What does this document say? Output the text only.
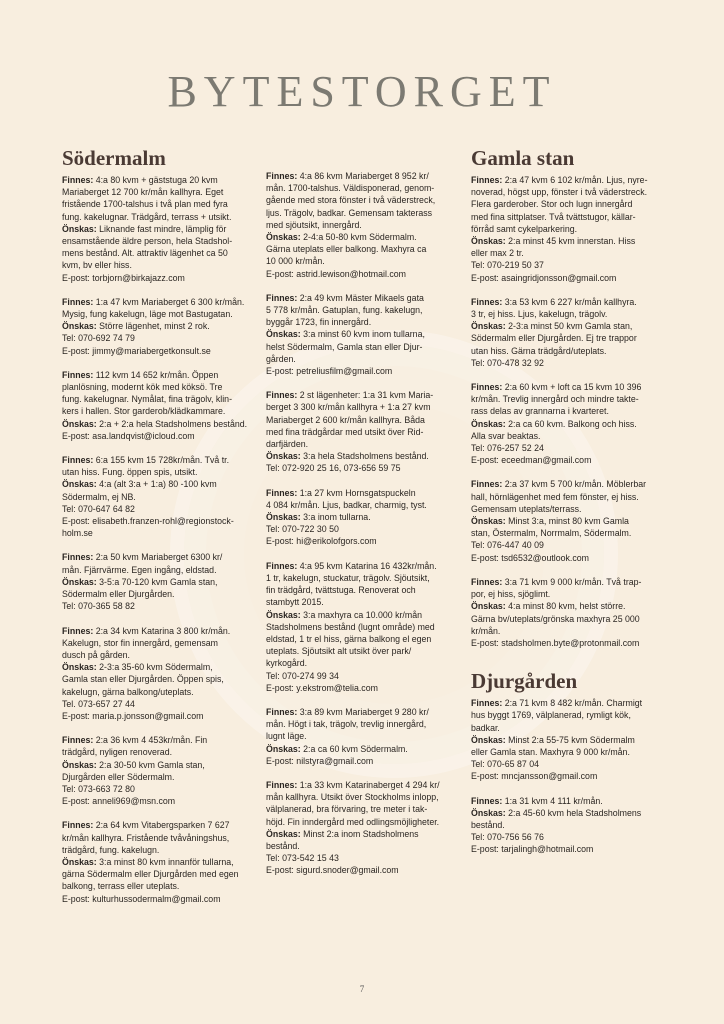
BYTESTORGET
Södermalm
Finnes: 4:a 80 kvm + gäststuga 20 kvm
Mariaberget 12 700 kr/mån kallhyra. Eget
fristående 1700-talshus i två plan med fyra
fung. kakelugnar. Trädgård, terrass + utsikt.
Önskas: Liknande fast mindre, lämplig för
ensamstående äldre person, hela Stadshol-
mens bestånd. Alt. attraktiv lägenhet ca 50
kvm, bv eller hiss.
E-post: torbjorn@birkajazz.com
Finnes: 1:a 47 kvm Mariaberget 6 300 kr/mån.
Mysig, fung kakelugn, läge mot Bastugatan.
Önskas: Större lägenhet, minst 2 rok.
Tel: 070-692 74 79
E-post: jimmy@mariabergetkonsult.se
Finnes: 112 kvm 14 652 kr/mån. Öppen
planlösning, modernt kök med köksö. Tre
fung. kakelugnar. Nymålat, fina trägolv, klin-
kers i hallen. Stor garderob/klädkammare.
Önskas: 2:a + 2:a hela Stadsholmens bestånd.
E-post: asa.landqvist@icloud.com
Finnes: 6:a 155 kvm 15 728kr/mån. Två tr.
utan hiss. Fung. öppen spis, utsikt.
Önskas: 4:a (alt 3:a + 1:a) 80 -100 kvm
Södermalm, ej NB.
Tel: 070-647 64 82
E-post: elisabeth.franzen-rohl@regionstock-
holm.se
Finnes: 2:a 50 kvm Mariaberget 6300 kr/
mån. Fjärrvärme. Egen ingång, eldstad.
Önskas: 3-5:a 70-120 kvm Gamla stan,
Södermalm eller Djurgården.
Tel: 070-365 58 82
Finnes: 2:a 34 kvm Katarina 3 800 kr/mån.
Kakelugn, stor fin innergård, gemensam
dusch på gården.
Önskas: 2-3:a 35-60 kvm Södermalm,
Gamla stan eller Djurgården. Öppen spis,
kakelugn, gärna balkong/uteplats.
Tel. 073-657 27 44
E-post: maria.p.jonsson@gmail.com
Finnes: 2:a 36 kvm 4 453kr/mån. Fin
trädgård, nyligen renoverad.
Önskas: 2:a 30-50 kvm Gamla stan,
Djurgården eller Södermalm.
Tel: 073-663 72 80
E-post: anneli969@msn.com
Finnes: 2:a 64 kvm Vitabergsparken 7 627
kr/mån kallhyra. Fristående tvåvåningshus,
trädgård, fung. kakelugn.
Önskas: 3:a minst 80 kvm innanför tullarna,
gärna Södermalm eller Djurgården med egen
balkong, terrass eller uteplats.
E-post: kulturhussodermalm@gmail.com
Finnes: 4:a 86 kvm Mariaberget 8 952 kr/
mån. 1700-talshus. Väldisponerad, genom-
gående med stora fönster i två väderstreck,
ljus. Trägolv, badkar. Gemensam takterass
med sjöutsikt, innergård.
Önskas: 2-4:a 50-80 kvm Södermalm.
Gärna uteplats eller balkong. Maxhyra ca
10 000 kr/mån.
E-post: astrid.lewison@hotmail.com
Finnes: 2:a 49 kvm Mäster Mikaels gata
5 778 kr/mån. Gatuplan, fung. kakelugn,
byggår 1723, fin innergård.
Önskas: 3:a minst 60 kvm inom tullarna,
helst Södermalm, Gamla stan eller Djur-
gården.
E-post: petreliusfilm@gmail.com
Finnes: 2 st lägenheter: 1:a 31 kvm Maria-
berget 3 300 kr/mån kallhyra + 1:a 27 kvm
Mariaberget 2 600 kr/mån kallhyra. Båda
med fina trädgårdar med utsikt över Rid-
darfjärden.
Önskas: 3:a hela Stadsholmens bestånd.
Tel: 072-920 25 16, 073-656 59 75
Finnes: 1:a 27 kvm Hornsgatspuckeln
4 084 kr/mån. Ljus, badkar, charmig, tyst.
Önskas: 3:a inom tullarna.
Tel: 070-722 30 50
E-post: hi@erikolofgors.com
Finnes: 4:a 95 kvm Katarina 16 432kr/mån.
1 tr, kakelugn, stuckatur, trägolv. Sjöutsikt,
fin trädgård, tvättstuga. Renoverat och
stambytt 2015.
Önskas: 3:a maxhyra ca 10.000 kr/mån
Stadsholmens bestånd (lugnt område) med
eldstad, 1 tr el hiss, gärna balkong el egen
uteplats. Sjöutsikt alt utsikt över park/
kyrkogård.
Tel: 070-274 99 34
E-post: y.ekstrom@telia.com
Finnes: 3:a 89 kvm Mariaberget 9 280 kr/
mån. Högt i tak, trägolv, trevlig innergård,
lugnt läge.
Önskas: 2:a ca 60 kvm Södermalm.
E-post: nilstyra@gmail.com
Finnes: 1:a 33 kvm Katarinaberget 4 294 kr/
mån kallhyra. Utsikt över Stockholms inlopp,
välplanerad, bra förvaring, tre meter i tak-
höjd. Fin inndergård med odlingsmöjligheter.
Önskas: Minst 2:a inom Stadsholmens
bestånd.
Tel: 073-542 15 43
E-post: sigurd.snoder@gmail.com
Gamla stan
Finnes: 2:a 47 kvm 6 102 kr/mån. Ljus, nyre-
noverad, högst upp, fönster i två väderstreck.
Flera garderober. Stor och lugn innergård
med fina sittplatser. Två tvättstugor, källar-
förråd samt cykelparkering.
Önskas: 2:a minst 45 kvm innerstan. Hiss
eller max 2 tr.
Tel: 070-219 50 37
E-post: asaingridjonsson@gmail.com
Finnes: 3:a 53 kvm 6 227 kr/mån kallhyra.
3 tr, ej hiss. Ljus, kakelugn, trägolv.
Önskas: 2-3:a minst 50 kvm Gamla stan,
Södermalm eller Djurgården. Ej tre trappor
utan hiss. Gärna trädgård/uteplats.
Tel: 070-478 32 92
Finnes: 2:a 60 kvm + loft ca 15 kvm 10 396
kr/mån. Trevlig innergård och mindre takte-
rass delas av grannarna i kvarteret.
Önskas: 2:a ca 60 kvm. Balkong och hiss.
Alla svar beaktas.
Tel: 076-257 52 24
E-post: eceedman@gmail.com
Finnes: 2:a 37 kvm 5 700 kr/mån. Möblerbar
hall, hörnlägenhet med fem fönster, ej hiss.
Gemensam uteplats/terrass.
Önskas: Minst 3:a, minst 80 kvm Gamla
stan, Östermalm, Norrmalm, Södermalm.
Tel: 076-447 40 09
E-post: tsd6532@outlook.com
Finnes: 3:a 71 kvm 9 000 kr/mån. Två trap-
por, ej hiss, sjöglimt.
Önskas: 4:a minst 80 kvm, helst större.
Gärna bv/uteplats/grönska maxhyra 25 000
kr/mån.
E-post: stadsholmen.byte@protonmail.com
Djurgården
Finnes: 2:a 71 kvm 8 482 kr/mån. Charmigt
hus byggt 1769, välplanerad, rymligt kök,
badkar.
Önskas: Minst 2:a 55-75 kvm Södermalm
eller Gamla stan. Maxhyra 9 000 kr/mån.
Tel: 070-65 87 04
E-post: mncjansson@gmail.com
Finnes: 1:a 31 kvm 4 111 kr/mån.
Önskas: 2:a 45-60 kvm hela Stadsholmens
bestånd.
Tel: 070-756 56 76
E-post: tarjalingh@hotmail.com
7
